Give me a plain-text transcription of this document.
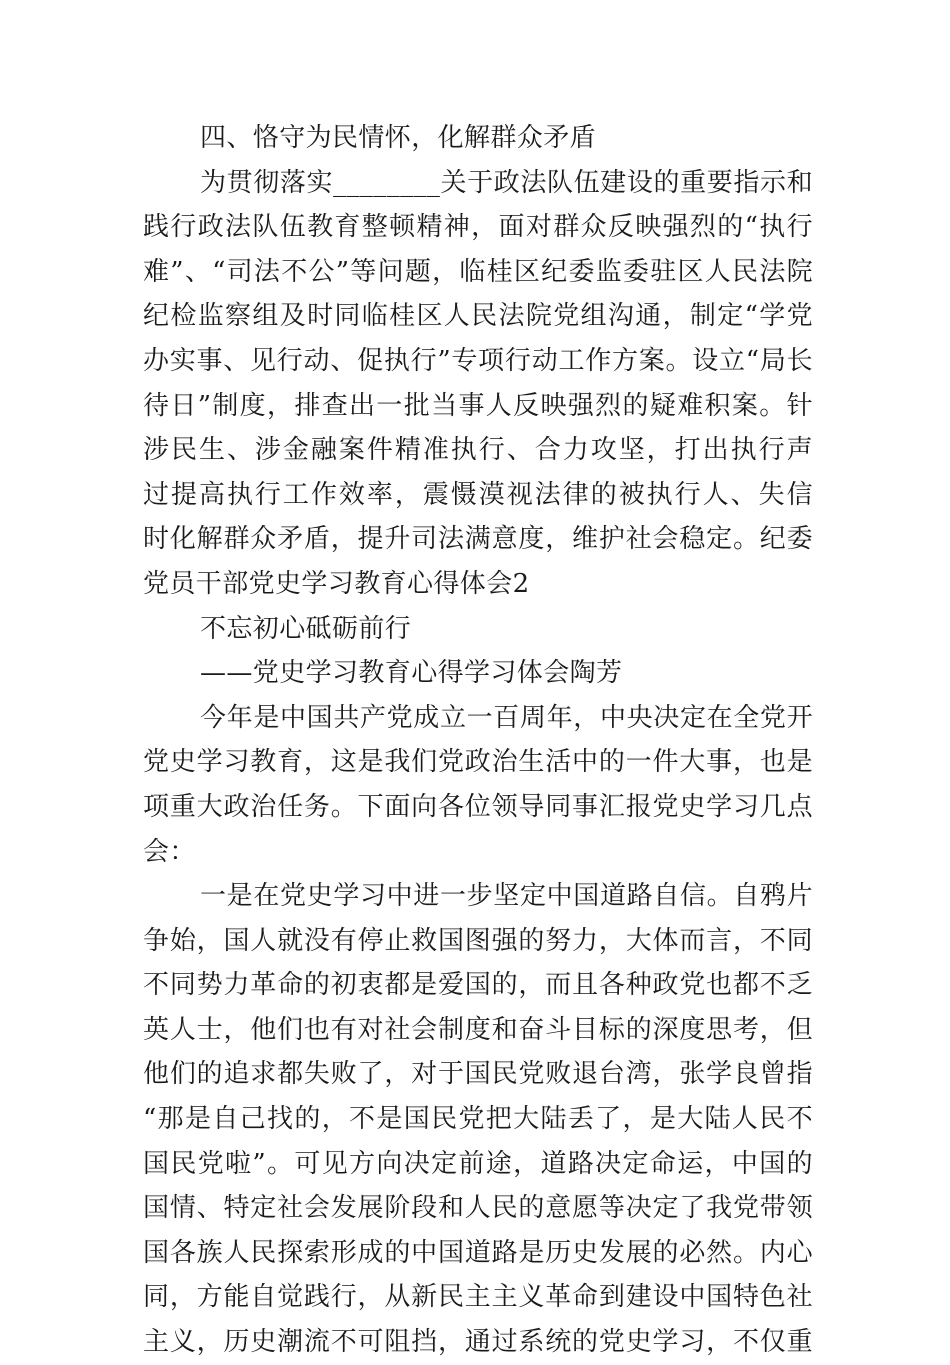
四、恪守为民情怀，化解群众矛盾
为贯彻落实________关于政法队伍建设的重要指示和
践行政法队伍教育整顿精神，面对群众反映强烈的“执行
难”、“司法不公”等问题，临桂区纪委监委驻区人民法院
纪检监察组及时同临桂区人民法院党组沟通，制定“学党
办实事、见行动、促执行”专项行动工作方案。设立“局长
待日”制度，排查出一批当事人反映强烈的疑难积案。针
涉民生、涉金融案件精准执行、合力攻坚，打出执行声
过提高执行工作效率，震慑漠视法律的被执行人、失信
时化解群众矛盾，提升司法满意度，维护社会稳定。纪委
党员干部党史学习教育心得体会2
不忘初心砥砺前行
——党史学习教育心得学习体会陶芳
今年是中国共产党成立一百周年，中央决定在全党开
党史学习教育，这是我们党政治生活中的一件大事，也是
项重大政治任务。下面向各位领导同事汇报党史学习几点
会：
一是在党史学习中进一步坚定中国道路自信。自鸦片
争始，国人就没有停止救国图强的努力，大体而言，不同
不同势力革命的初衷都是爱国的，而且各种政党也都不乏
英人士，他们也有对社会制度和奋斗目标的深度思考，但
他们的追求都失败了，对于国民党败退台湾，张学良曾指
“那是自己找的，不是国民党把大陆丢了，是大陆人民不
国民党啦”。可见方向决定前途，道路决定命运，中国的
国情、特定社会发展阶段和人民的意愿等决定了我党带领
国各族人民探索形成的中国道路是历史发展的必然。内心
同，方能自觉践行，从新民主主义革命到建设中国特色社
主义，历史潮流不可阻挡，通过系统的党史学习，不仅重
